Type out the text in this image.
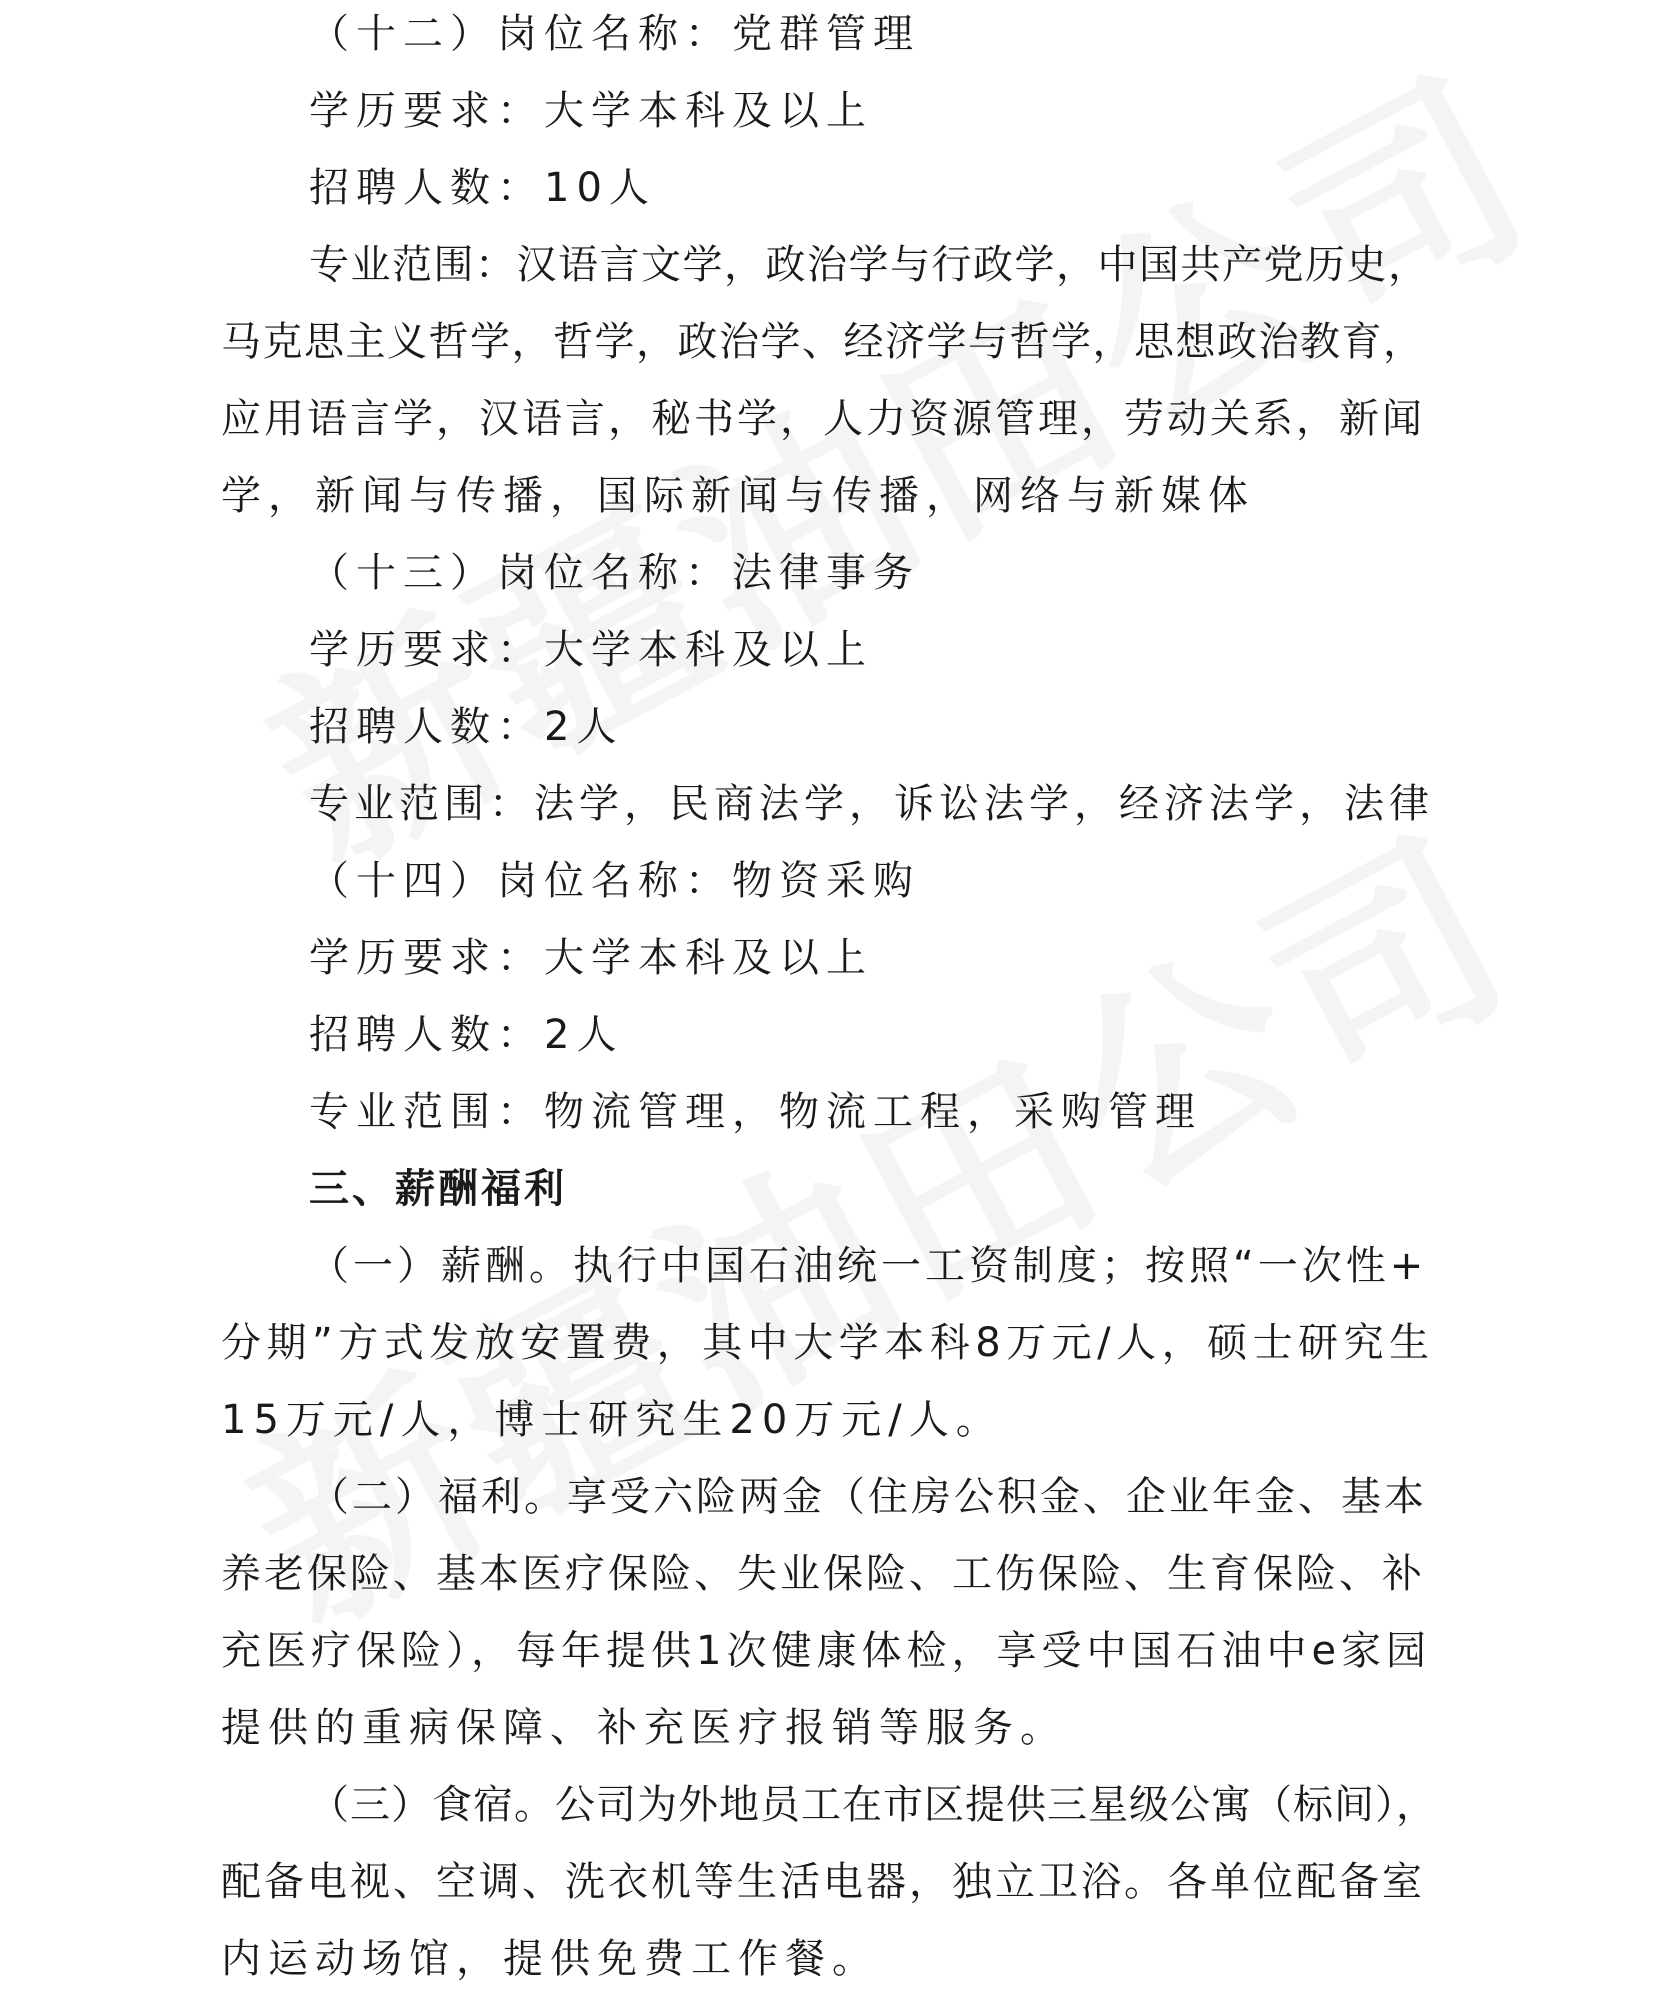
（十二）岗位名称：党群管理
学历要求：大学本科及以上
招聘人数：10人
专业范围：汉语言文学，政治学与行政学，中国共产党历史，
马克思主义哲学，哲学，政治学、经济学与哲学，思想政治教育，
应用语言学，汉语言，秘书学，人力资源管理，劳动关系，新闻
学，新闻与传播，国际新闻与传播，网络与新媒体
（十三）岗位名称：法律事务
学历要求：大学本科及以上
招聘人数：2人
专业范围：法学，民商法学，诉讼法学，经济法学，法律
（十四）岗位名称：物资采购
学历要求：大学本科及以上
招聘人数：2人
专业范围：物流管理，物流工程，采购管理
三、薪酬福利
（一）薪酬。执行中国石油统一工资制度；按照“一次性+
分期”方式发放安置费，其中大学本科8万元/人，硕士研究生
15万元/人，博士研究生20万元/人。
（二）福利。享受六险两金（住房公积金、企业年金、基本
养老保险、基本医疗保险、失业保险、工伤保险、生育保险、补
充医疗保险），每年提供1次健康体检，享受中国石油中e家园
提供的重病保障、补充医疗报销等服务。
（三）食宿。公司为外地员工在市区提供三星级公寓（标间），
配备电视、空调、洗衣机等生活电器，独立卫浴。各单位配备室
内运动场馆，提供免费工作餐。
